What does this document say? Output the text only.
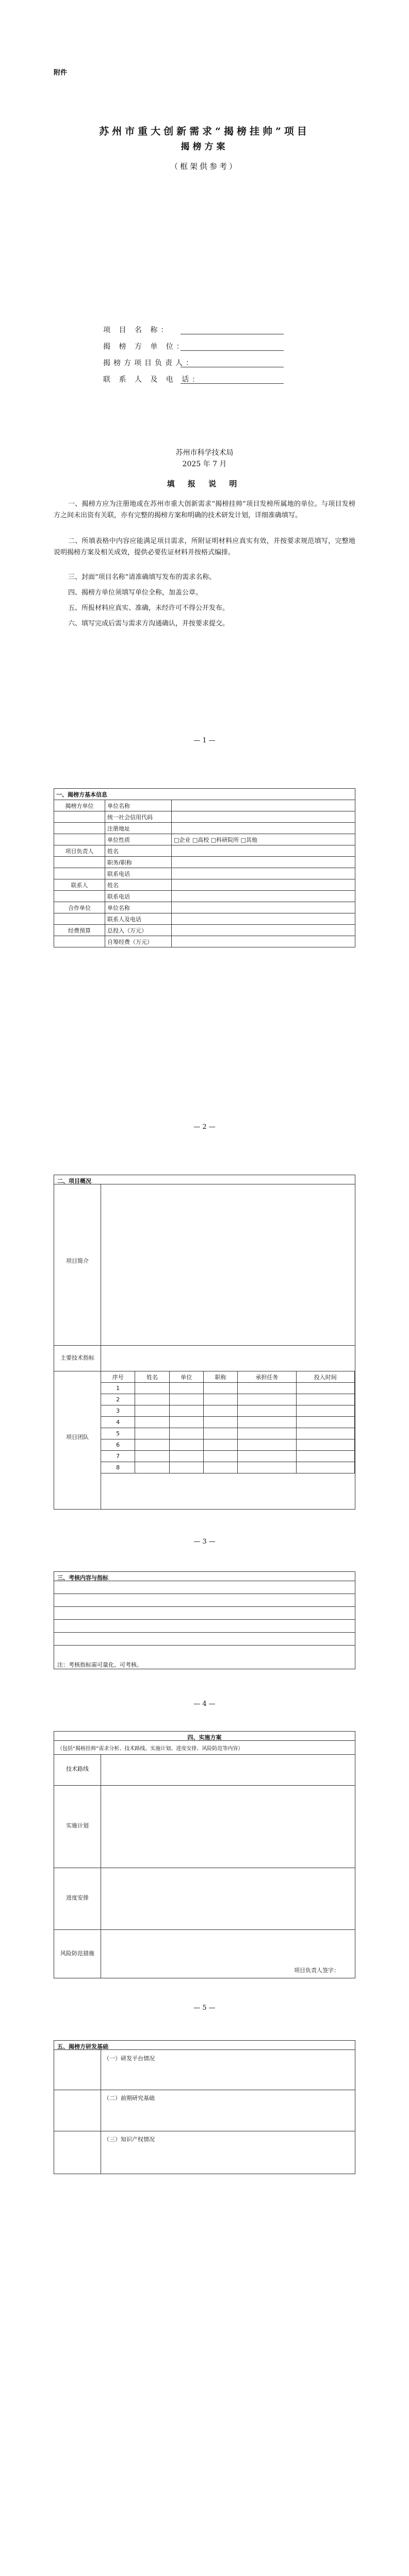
附件
苏州市重大创新需求“揭榜挂帅”项目
揭榜方案
（框架供参考）
项 目 名 称：
揭 榜 方 单 位：
揭榜方项目负责人：
联 系 人 及 电 话：
苏州市科学技术局
2025 年 7 月
填 报 说 明
一、揭榜方应为注册地或在苏州市重大创新需求“揭榜挂帅”项目发榜所属地的单位。与项目发榜方之间未出资有关联，亦有完整的揭榜方案和明确的技术研发计划，详细准确填写。
二、所填表格中内容应能满足项目需求，所附证明材料应真实有效，并按要求规范填写，完整地说明揭榜方案及相关成效，提供必要佐证材料并按格式编排。
三、封面“项目名称”请准确填写发布的需求名称。
四、揭榜方单位须填写单位全称，加盖公章。
五、所报材料应真实、准确，未经许可不得公开发布。
六、填写完成后需与需求方沟通确认，并按要求提交。
— 1 —
一、揭榜方基本信息		
揭榜方单位	单位名称	
	统一社会信用代码	
	注册地址	
	单位性质	□企业 □高校 □科研院所 □其他
项目负责人	姓名	
	职务/职称	
	联系电话	
联系人	姓名	
	联系电话	
合作单位	单位名称	
	联系人及电话	
经费预算	总投入（万元）	
	自筹经费（万元）	
— 2 —
二、项目概况
项目简介
主要技术指标
项目团队
序号	姓名	单位	职称	承担任务	投入时间
1					
2					
3					
4					
5					
6					
7					
8					
— 3 —
三、考核内容与指标
注：考核指标需可量化、可考核。
— 4 —
四、实施方案
（包括“揭榜挂帅”需求分析、技术路线、实施计划、进度安排、风险防范等内容）
技术路线
实施计划
进度安排
风险防范措施
项目负责人签字：
— 5 —
五、揭榜方研发基础
（一）研发平台情况
（二）前期研究基础
（三）知识产权情况
